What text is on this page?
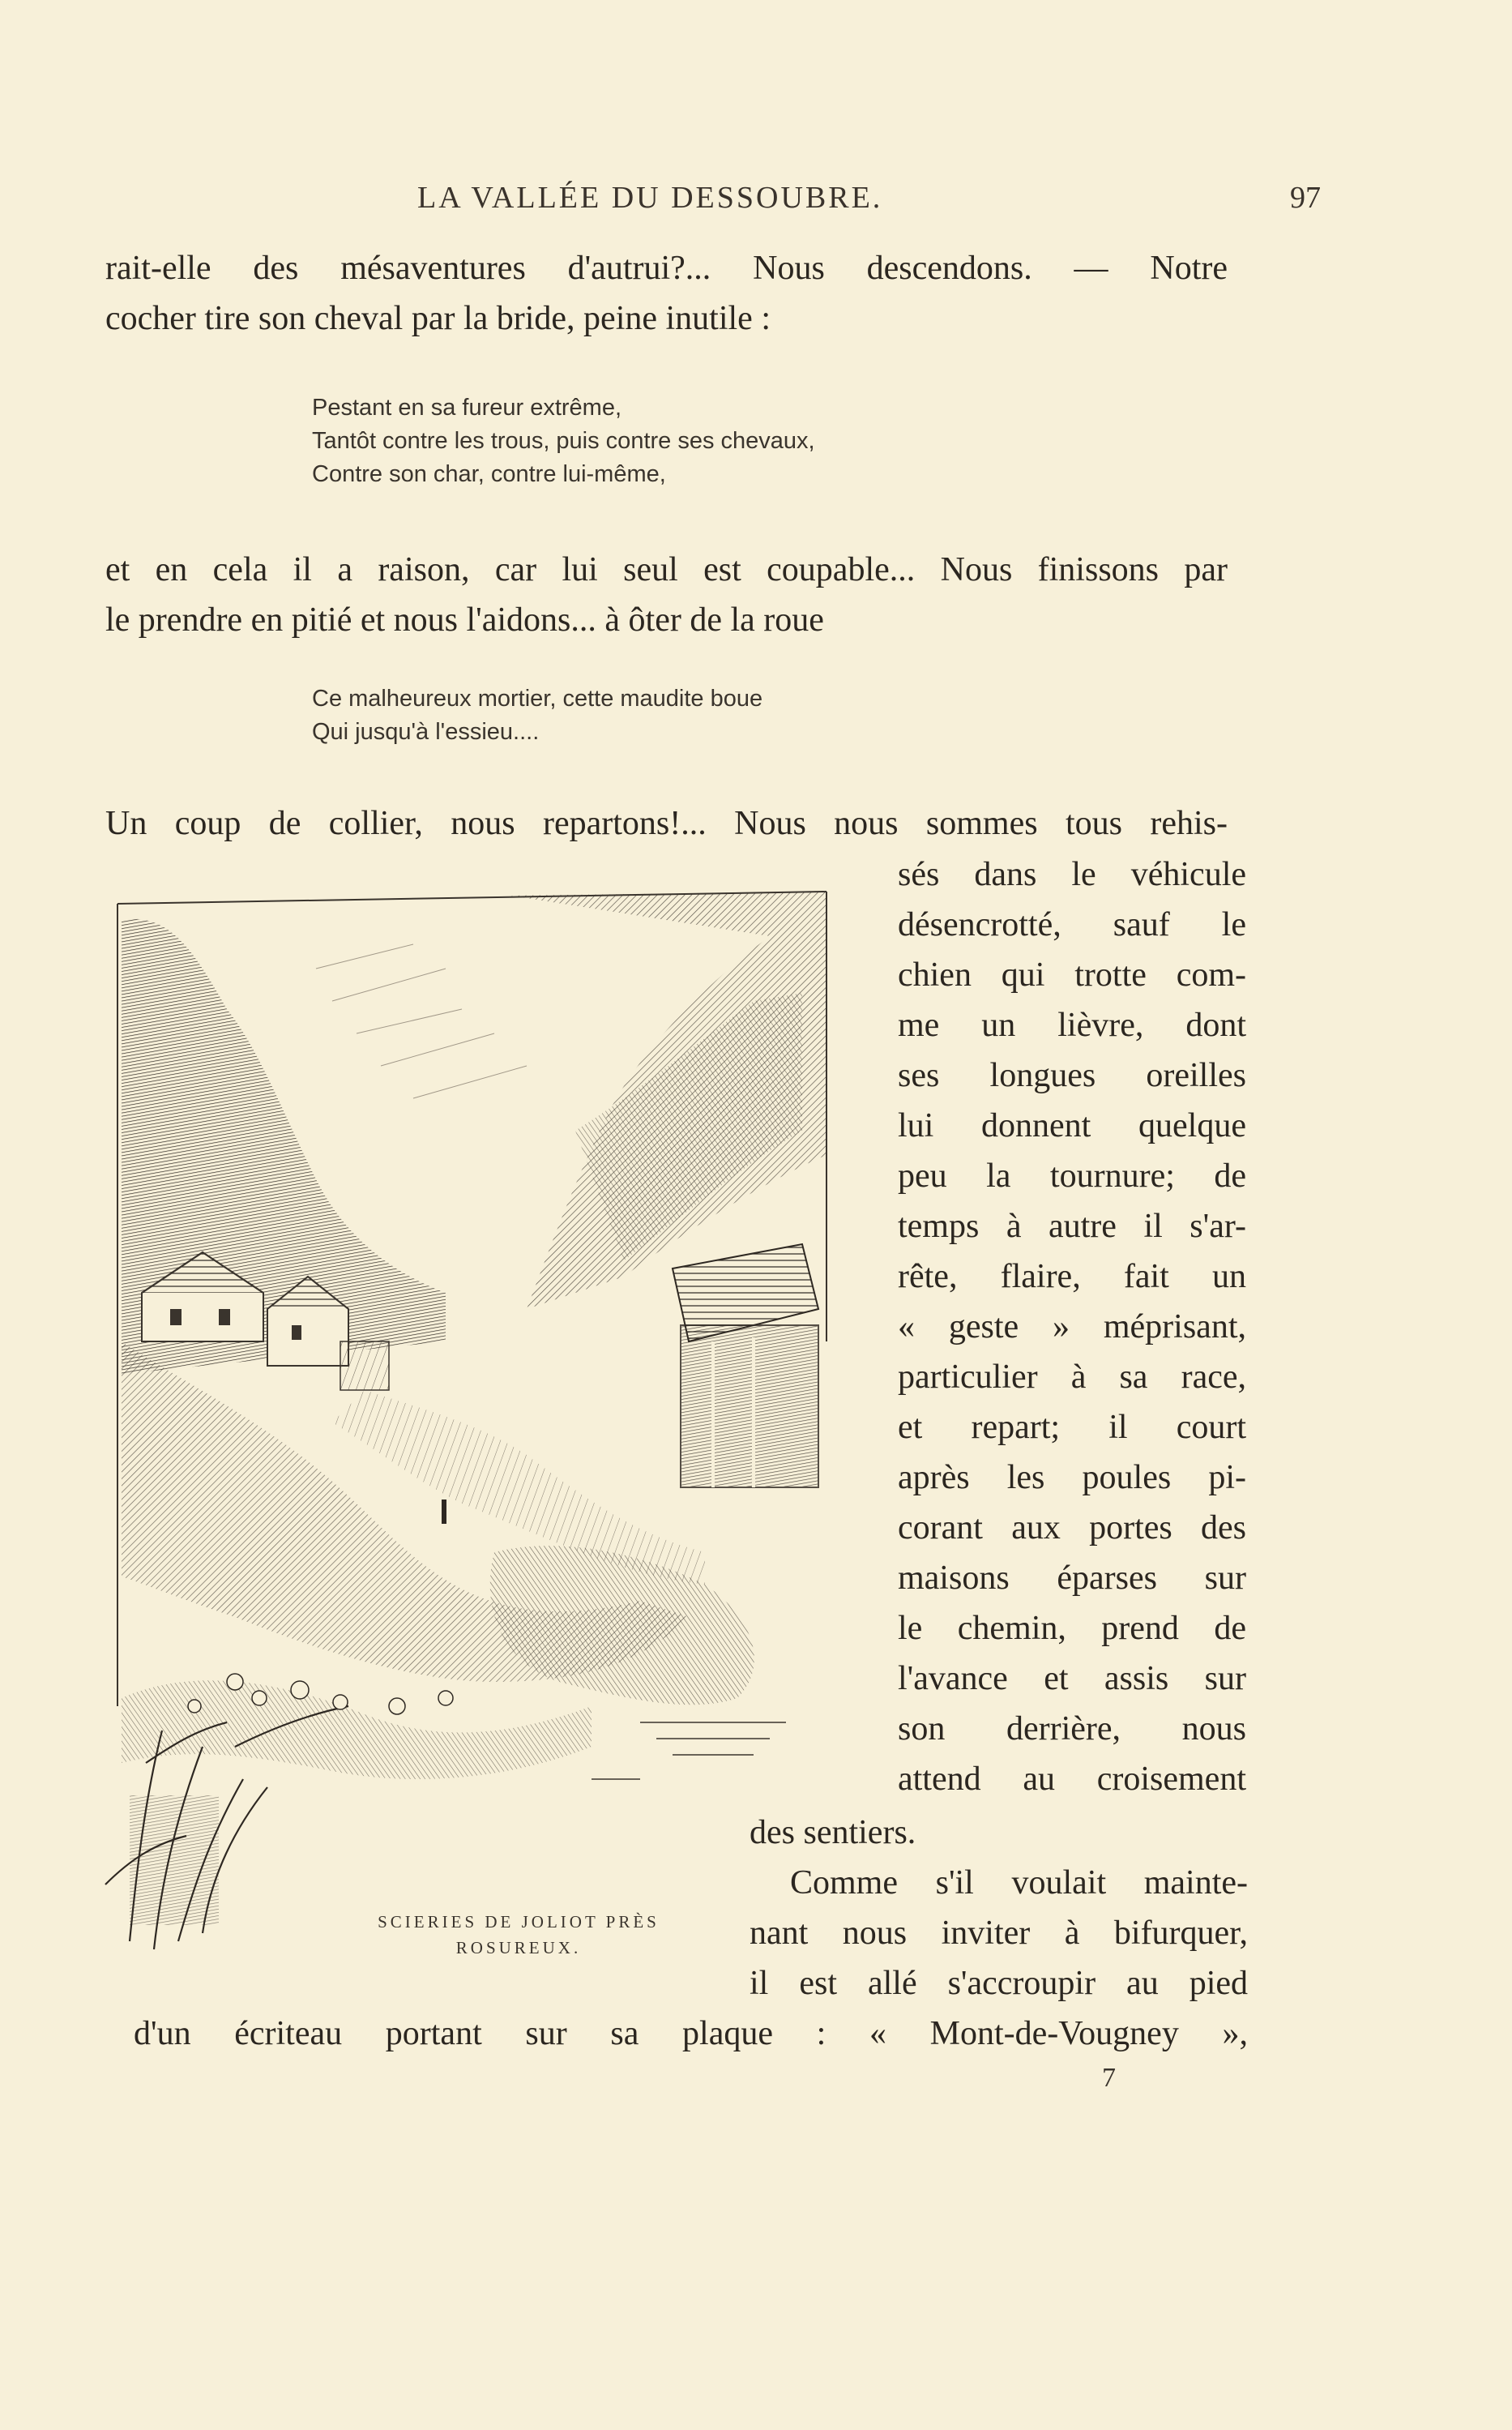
LA VALLÉE DU DESSOUBRE.	97
rait-elle des mésaventures d'autrui?... Nous descendons. — Notre
cocher tire son cheval par la bride, peine inutile :
Pestant en sa fureur extrême,
Tantôt contre les trous, puis contre ses chevaux,
Contre son char, contre lui-même,
et en cela il a raison, car lui seul est coupable... Nous finissons par
le prendre en pitié et nous l'aidons... à ôter de la roue
Ce malheureux mortier, cette maudite boue
Qui jusqu'à l'essieu....
Un coup de collier, nous repartons!... Nous nous sommes tous rehis-
sés dans le véhicule
désencrotté, sauf le
chien qui trotte com-
me un lièvre, dont
ses longues oreilles
lui donnent quelque
peu la tournure; de
temps à autre il s'ar-
rête, flaire, fait un
« geste » méprisant,
particulier à sa race,
et repart; il court
après les poules pi-
corant aux portes des
maisons éparses sur
le chemin, prend de
l'avance et assis sur
son derrière, nous
attend au croisement
des sentiers.
Comme s'il voulait mainte-
nant nous inviter à bifurquer,
il est allé s'accroupir au pied
d'un écriteau portant sur sa plaque : « Mont-de-Vougney »,
SCIERIES DE JOLIOT PRÈS
ROSUREUX.
7
